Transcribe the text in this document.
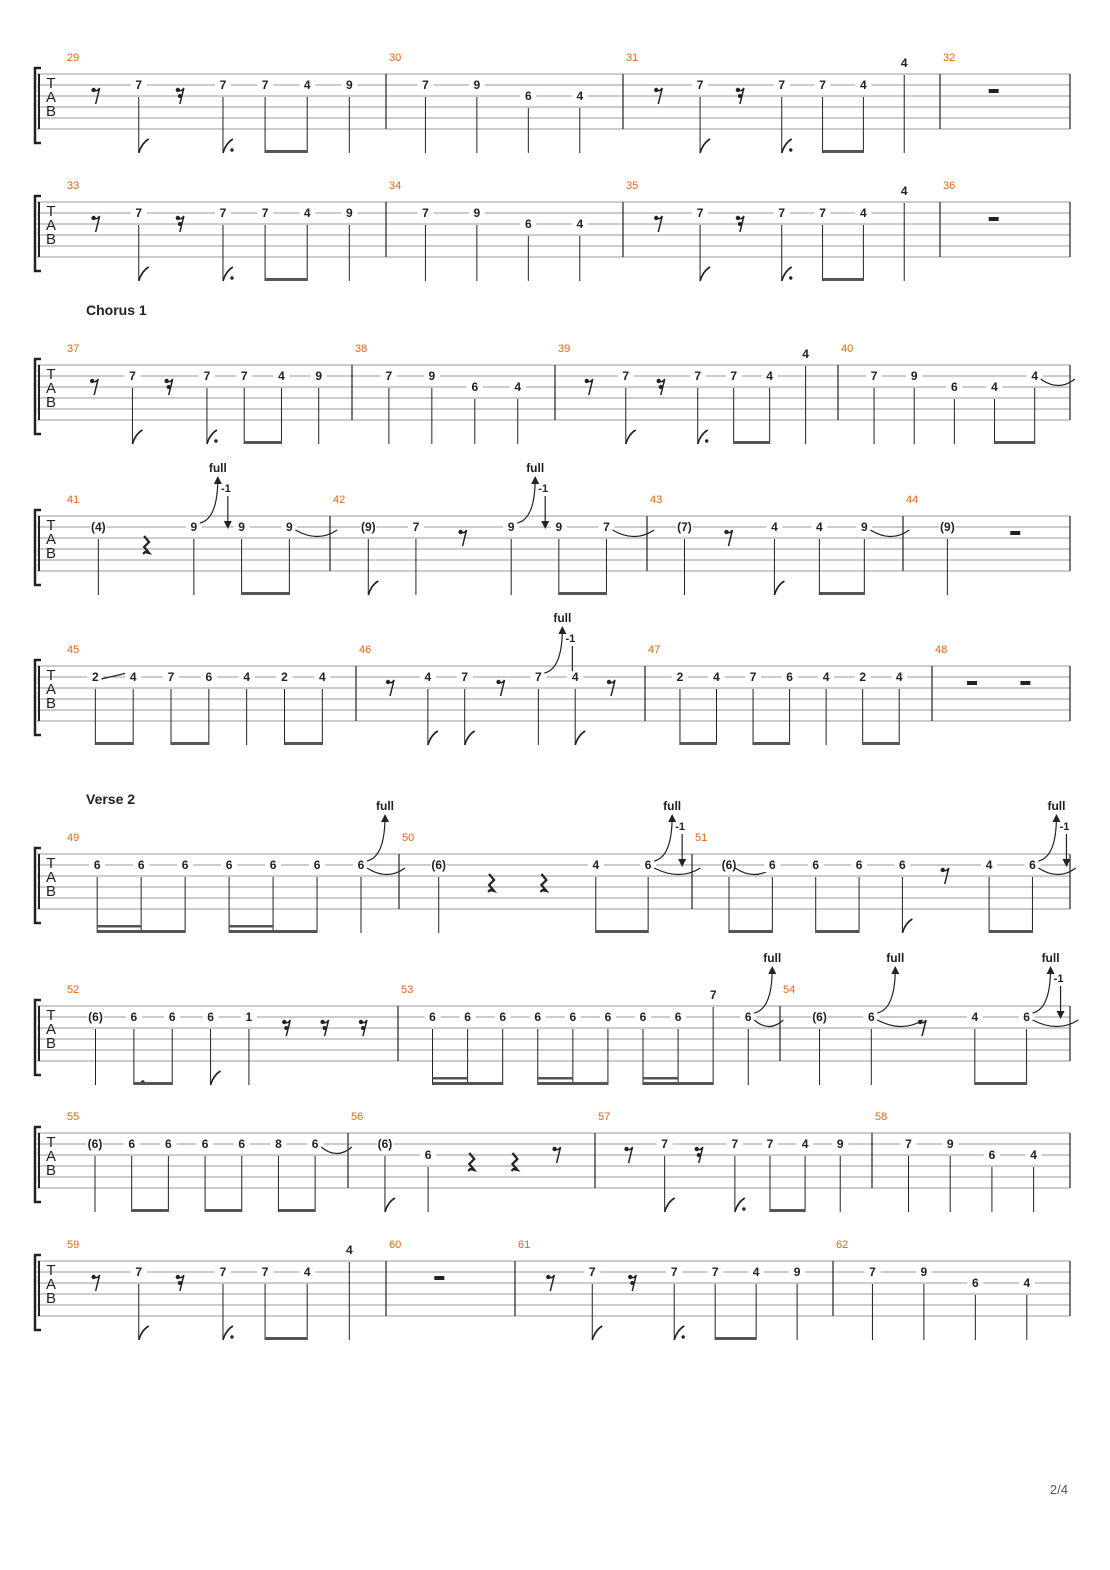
T
A
B
29
7	7	7	4	9
30
7	9
6	4
31
7	7	7	4
4	32
T
A
B
33
7	7	7	4	9
34
7	9
6	4
35
7	7	7	4
4	36
Chorus 1
T
A
B
37
7	7	7	4	9
38
7	9
6	4
39
7	7 7 4
4	40
7	9
6	4
4
T
A
B
41
(4)	9
full
-1
9	9
42
(9)	7	9
full
-1
9	7
43
(7)	4	4	9
44
(9)
T
A
B
45
2	4	7	6	4	2	4
46
4	7	7
full
-1
4
47
2 4 7 6 4 2 4
48
Verse 2
T
A
B
49
6	6	6	6	6	6	6
full
50
(6)	4	6
full
-1
51
(6)	6	6	6	6	4	6
full
-1
T
A
B
52
(6) 6	6	6	1
53
6 6 6 6 6 6 6 6
7
6
full
54
(6)	6
full
4	6
full
-1
T
A
B
55
(6) 6 6 6 6 8 6
56
(6)
6
57
7	7 7 4 9
58
7	9
6	4
T
A
B
59
7	7	7	4
4	60	61
7	7	7	4	9
62
7	9
6	4
2/4
